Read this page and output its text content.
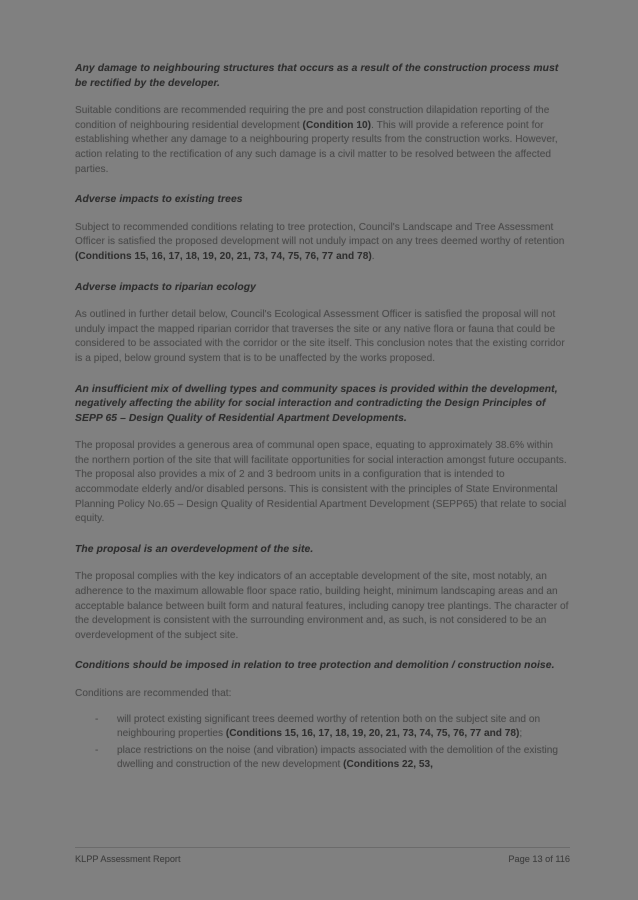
Any damage to neighbouring structures that occurs as a result of the construction process must be rectified by the developer.

Suitable conditions are recommended requiring the pre and post construction dilapidation reporting of the condition of neighbouring residential development (Condition 10). This will provide a reference point for establishing whether any damage to a neighbouring property results from the construction works. However, action relating to the rectification of any such damage is a civil matter to be resolved between the affected parties.

Adverse impacts to existing trees

Subject to recommended conditions relating to tree protection, Council's Landscape and Tree Assessment Officer is satisfied the proposed development will not unduly impact on any trees deemed worthy of retention (Conditions 15, 16, 17, 18, 19, 20, 21, 73, 74, 75, 76, 77 and 78).

Adverse impacts to riparian ecology

As outlined in further detail below, Council's Ecological Assessment Officer is satisfied the proposal will not unduly impact the mapped riparian corridor that traverses the site or any native flora or fauna that could be considered to be associated with the corridor or the site itself. This conclusion notes that the existing corridor is a piped, below ground system that is to be unaffected by the works proposed.

An insufficient mix of dwelling types and community spaces is provided within the development, negatively affecting the ability for social interaction and contradicting the Design Principles of SEPP 65 – Design Quality of Residential Apartment Developments.

The proposal provides a generous area of communal open space, equating to approximately 38.6% within the northern portion of the site that will facilitate opportunities for social interaction amongst future occupants. The proposal also provides a mix of 2 and 3 bedroom units in a configuration that is intended to accommodate elderly and/or disabled persons. This is consistent with the principles of State Environmental Planning Policy No.65 – Design Quality of Residential Apartment Development (SEPP65) that relate to social equity.

The proposal is an overdevelopment of the site.

The proposal complies with the key indicators of an acceptable development of the site, most notably, an adherence to the maximum allowable floor space ratio, building height, minimum landscaping areas and an acceptable balance between built form and natural features, including canopy tree plantings. The character of the development is consistent with the surrounding environment and, as such, is not considered to be an overdevelopment of the subject site.

Conditions should be imposed in relation to tree protection and demolition / construction noise.

Conditions are recommended that:

- will protect existing significant trees deemed worthy of retention both on the subject site and on neighbouring properties (Conditions 15, 16, 17, 18, 19, 20, 21, 73, 74, 75, 76, 77 and 78);
- place restrictions on the noise (and vibration) impacts associated with the demolition of the existing dwelling and construction of the new development (Conditions 22, 53,
KLPP Assessment Report	Page 13 of 116
